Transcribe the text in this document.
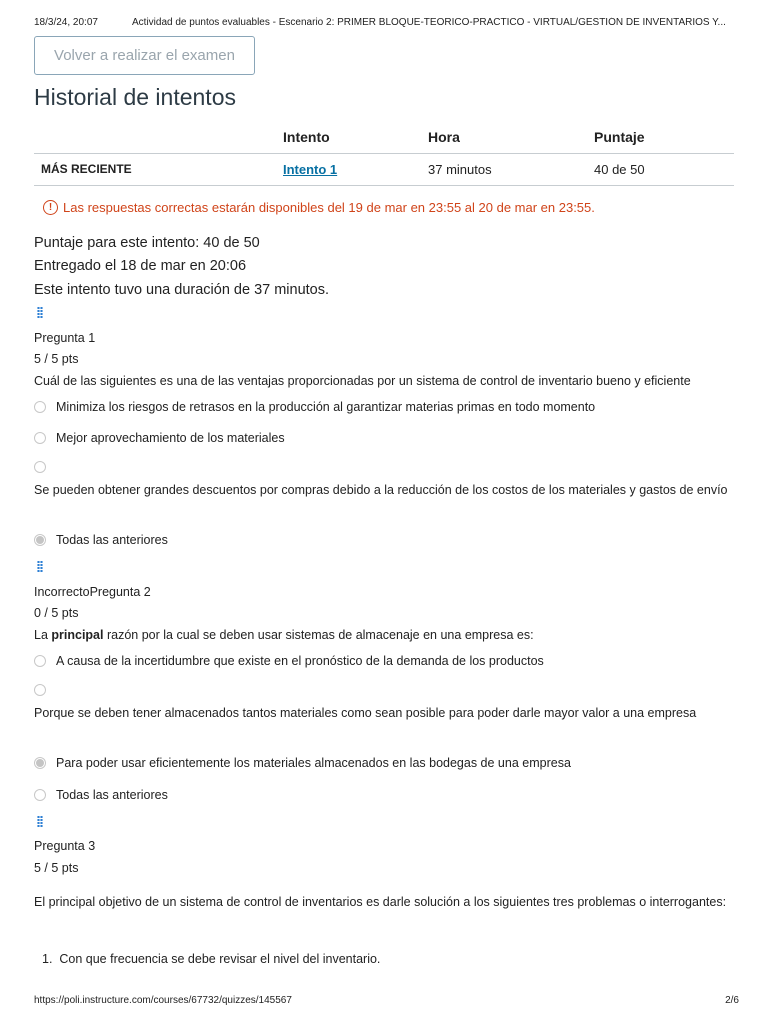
18/3/24, 20:07	Actividad de puntos evaluables - Escenario 2: PRIMER BLOQUE-TEORICO-PRACTICO - VIRTUAL/GESTIÓN DE INVENTARIOS Y...
Volver a realizar el examen
Historial de intentos
	Intento	Hora	Puntaje
MÁS RECIENTE	Intento 1	37 minutos	40 de 50
! Las respuestas correctas estarán disponibles del 19 de mar en 23:55 al 20 de mar en 23:55.
Puntaje para este intento: 40 de 50
Entregado el 18 de mar en 20:06
Este intento tuvo una duración de 37 minutos.
⁞⁞
Pregunta 1
5 / 5 pts
Cuál de las siguientes es una de las ventajas proporcionadas por un sistema de control de inventario bueno y eficiente
Minimiza los riesgos de retrasos en la producción al garantizar materias primas en todo momento
Mejor aprovechamiento de los materiales
Se pueden obtener grandes descuentos por compras debido a la reducción de los costos de los materiales y gastos de envío
Todas las anteriores
⁞⁞
IncorrectoPregunta 2
0 / 5 pts
La principal razón por la cual se deben usar sistemas de almacenaje en una empresa es:
A causa de la incertidumbre que existe en el pronóstico de la demanda de los productos
Porque se deben tener almacenados tantos materiales como sean posible para poder darle mayor valor a una empresa
Para poder usar eficientemente los materiales almacenados en las bodegas de una empresa
Todas las anteriores
⁞⁞
Pregunta 3
5 / 5 pts
El principal objetivo de un sistema de control de inventarios es darle solución a los siguientes tres problemas o interrogantes:
1.  Con que frecuencia se debe revisar el nivel del inventario.
https://poli.instructure.com/courses/67732/quizzes/145567	2/6
